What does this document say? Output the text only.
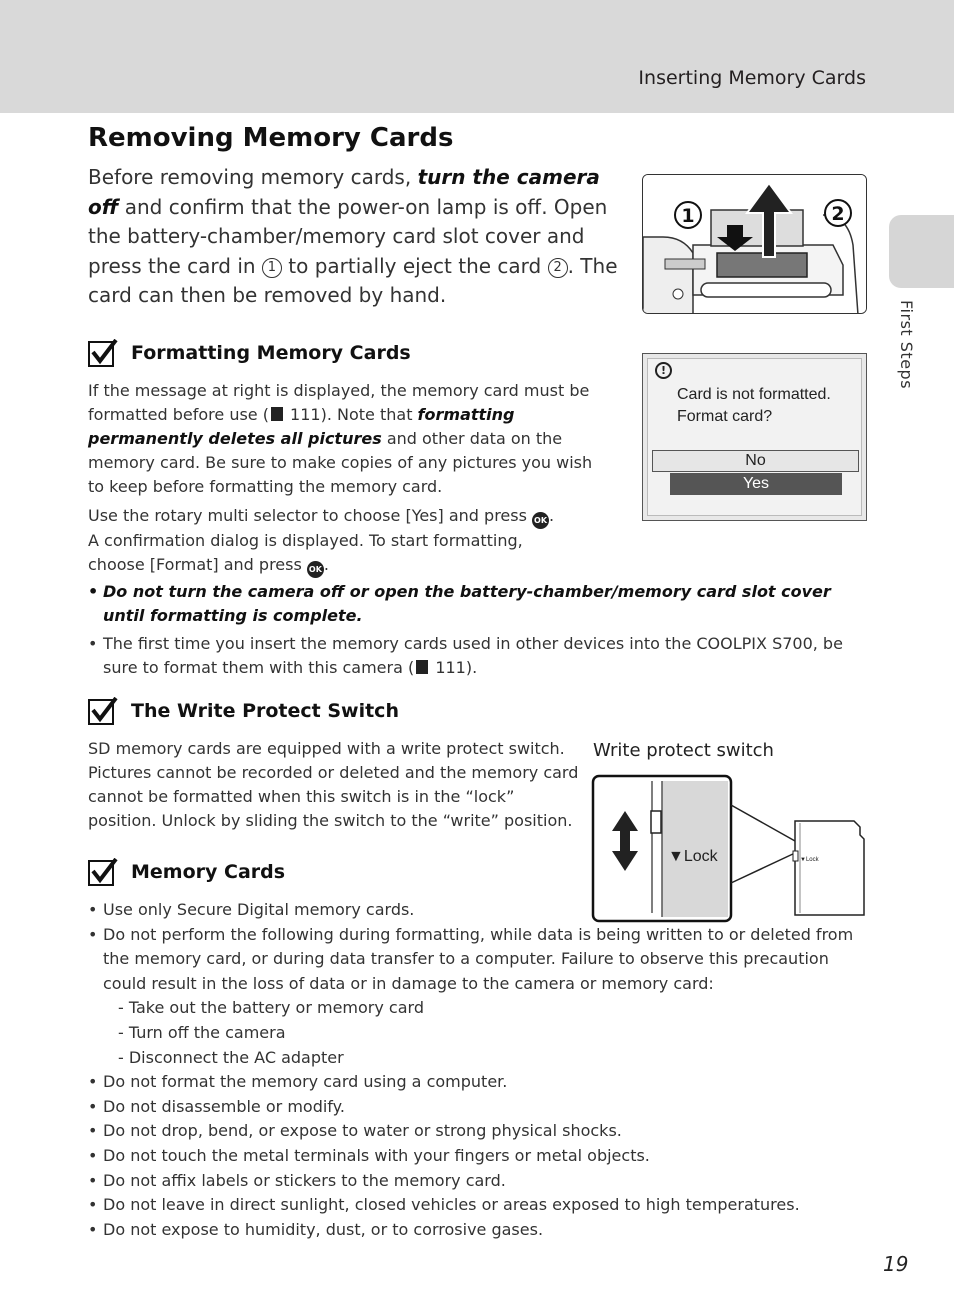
Inserting Memory Cards
First Steps
Removing Memory Cards

Before removing memory cards, turn the camera off and confirm that the power-on lamp is off. Open the battery-chamber/memory card slot cover and press the card in 1 to partially eject the card 2 . The card can then be removed by hand.

1	2
Formatting Memory Cards

If the message at right is displayed, the memory card must be formatted before use ( 111). Note that formatting permanently deletes all pictures and other data on the memory card. Be sure to make copies of any pictures you wish to keep before formatting the memory card.

Use the rotary multi selector to choose [Yes] and press OK . A confirmation dialog is displayed. To start formatting, choose [Format] and press OK .

!
Card is not formatted.
Format card?
No
Yes
• Do not turn the camera off or open the battery-chamber/memory card slot cover until formatting is complete.
• The first time you insert the memory cards used in other devices into the COOLPIX S700, be sure to format them with this camera ( 111).
The Write Protect Switch

SD memory cards are equipped with a write protect switch. Pictures cannot be recorded or deleted and the memory card cannot be formatted when this switch is in the “lock” position. Unlock by sliding the switch to the “write” position.

Write protect switch
▼Lock	▼Lock
Memory Cards
• Use only Secure Digital memory cards.
• Do not perform the following during formatting, while data is being written to or deleted from the memory card, or during data transfer to a computer. Failure to observe this precaution could result in the loss of data or in damage to the camera or memory card:
- Take out the battery or memory card
- Turn off the camera
- Disconnect the AC adapter
• Do not format the memory card using a computer.
• Do not disassemble or modify.
• Do not drop, bend, or expose to water or strong physical shocks.
• Do not touch the metal terminals with your fingers or metal objects.
• Do not affix labels or stickers to the memory card.
• Do not leave in direct sunlight, closed vehicles or areas exposed to high temperatures.
• Do not expose to humidity, dust, or to corrosive gases.
19
